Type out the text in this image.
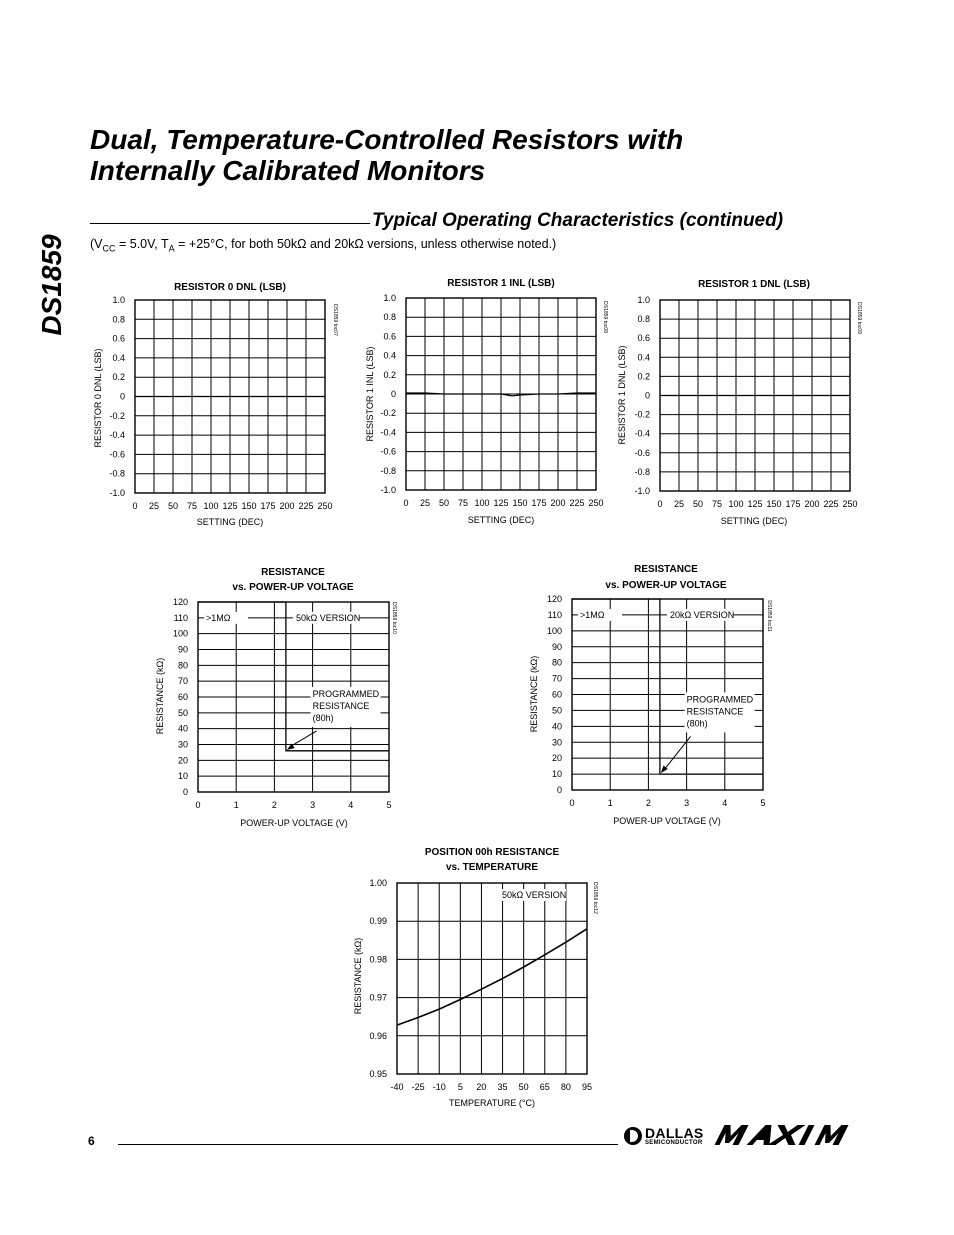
DS1859
Dual, Temperature-Controlled Resistors with
Internally Calibrated Monitors
Typical Operating Characteristics (continued)
($V_{CC} = 5.0V$, $T_A = +25^\circ C$, for both 50kΩ and 20kΩ versions, unless otherwise noted.)
RESISTOR 0 DNL (LSB)
0 25 50 75 100 125 150 175 200 225 250
1.0
0.8
0.6
0.4
0.2
0
-0.2
-0.4
-0.6
-0.8
-1.0
RESISTOR 0 DNL (LSB)
SETTING (DEC)
DS1859 toc07
RESISTOR 1 INL (LSB)
0 25 50 75 100 125 150 175 200 225 250
1.0
0.8
0.6
0.4
0.2
0
-0.2
-0.4
-0.6
-0.8
-1.0
RESISTOR 1 INL (LSB)
SETTING (DEC)
DS1859 toc08
RESISTOR 1 DNL (LSB)
0 25 50 75 100 125 150 175 200 225 250
1.0
0.8
0.6
0.4
0.2
0
-0.2
-0.4
-0.6
-0.8
-1.0
RESISTOR 1 DNL (LSB)
SETTING (DEC)
DS1859 toc09
RESISTANCE
vs. POWER-UP VOLTAGE
0	1	2	3	4	5
120
110
100
90
80
70
60
50
40
30
20
10
0
>1MΩ	50kΩ VERSION
PROGRAMMED
RESISTANCE
(80h)
RESISTANCE (kΩ)
POWER-UP VOLTAGE (V)
DS1859 toc10
RESISTANCE
vs. POWER-UP VOLTAGE
0	1	2	3	4	5
120
110
100
90
80
70
60
50
40
30
20
10
0
>1MΩ	20kΩ VERSION
PROGRAMMED
RESISTANCE
(80h)
RESISTANCE (kΩ)
POWER-UP VOLTAGE (V)
DS1859 toc11
POSITION 00h RESISTANCE
vs. TEMPERATURE
-40 -25 -10 5 20 35 50 65 80 95
1.00
0.99
0.98
0.97
0.96
0.95
50kΩ VERSION
RESISTANCE (kΩ)
TEMPERATURE (°C)
DS1859 toc12
6	DALLAS
SEMICONDUCTOR
